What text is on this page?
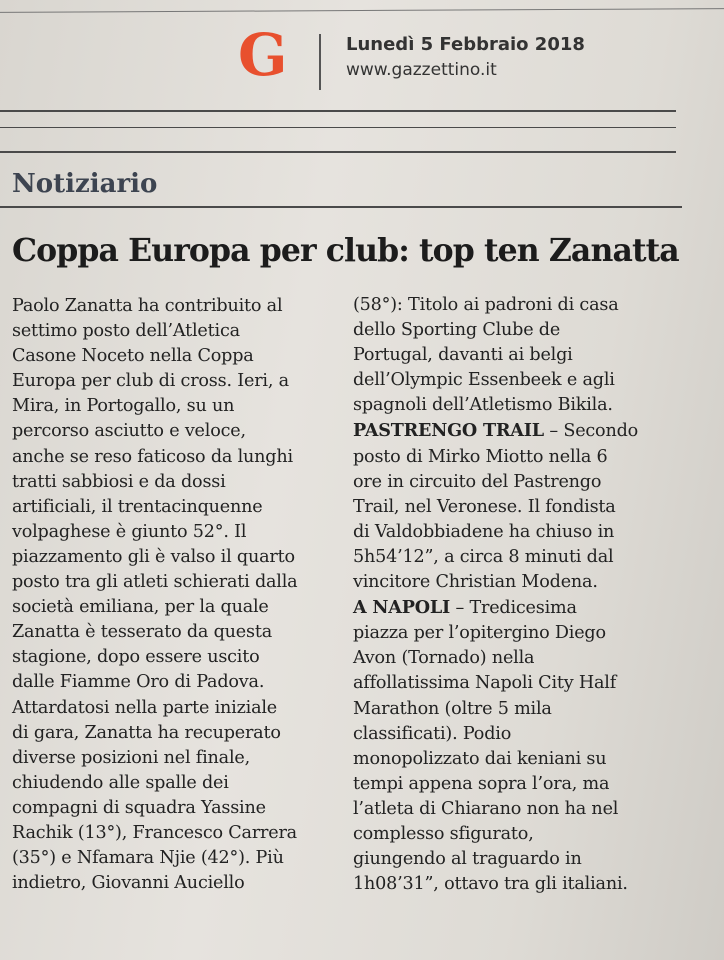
G	Lunedì 5 Febbraio 2018
www.gazzettino.it
Notiziario
Coppa Europa per club: top ten Zanatta
Paolo Zanatta ha contribuito al
settimo posto dell’Atletica
Casone Noceto nella Coppa
Europa per club di cross. Ieri, a
Mira, in Portogallo, su un
percorso asciutto e veloce,
anche se reso faticoso da lunghi
tratti sabbiosi e da dossi
artificiali, il trentacinquenne
volpaghese è giunto 52°. Il
piazzamento gli è valso il quarto
posto tra gli atleti schierati dalla
società emiliana, per la quale
Zanatta è tesserato da questa
stagione, dopo essere uscito
dalle Fiamme Oro di Padova.
Attardatosi nella parte iniziale
di gara, Zanatta ha recuperato
diverse posizioni nel finale,
chiudendo alle spalle dei
compagni di squadra Yassine
Rachik (13°), Francesco Carrera
(35°) e Nfamara Njie (42°). Più
indietro, Giovanni Auciello
(58°): Titolo ai padroni di casa
dello Sporting Clube de
Portugal, davanti ai belgi
dell’Olympic Essenbeek e agli
spagnoli dell’Atletismo Bikila.
PASTRENGO TRAIL – Secondo
posto di Mirko Miotto nella 6
ore in circuito del Pastrengo
Trail, nel Veronese. Il fondista
di Valdobbiadene ha chiuso in
5h54’12”, a circa 8 minuti dal
vincitore Christian Modena.
A NAPOLI – Tredicesima
piazza per l’opitergino Diego
Avon (Tornado) nella
affollatissima Napoli City Half
Marathon (oltre 5 mila
classificati). Podio
monopolizzato dai keniani su
tempi appena sopra l’ora, ma
l’atleta di Chiarano non ha nel
complesso sfigurato,
giungendo al traguardo in
1h08’31”, ottavo tra gli italiani.
